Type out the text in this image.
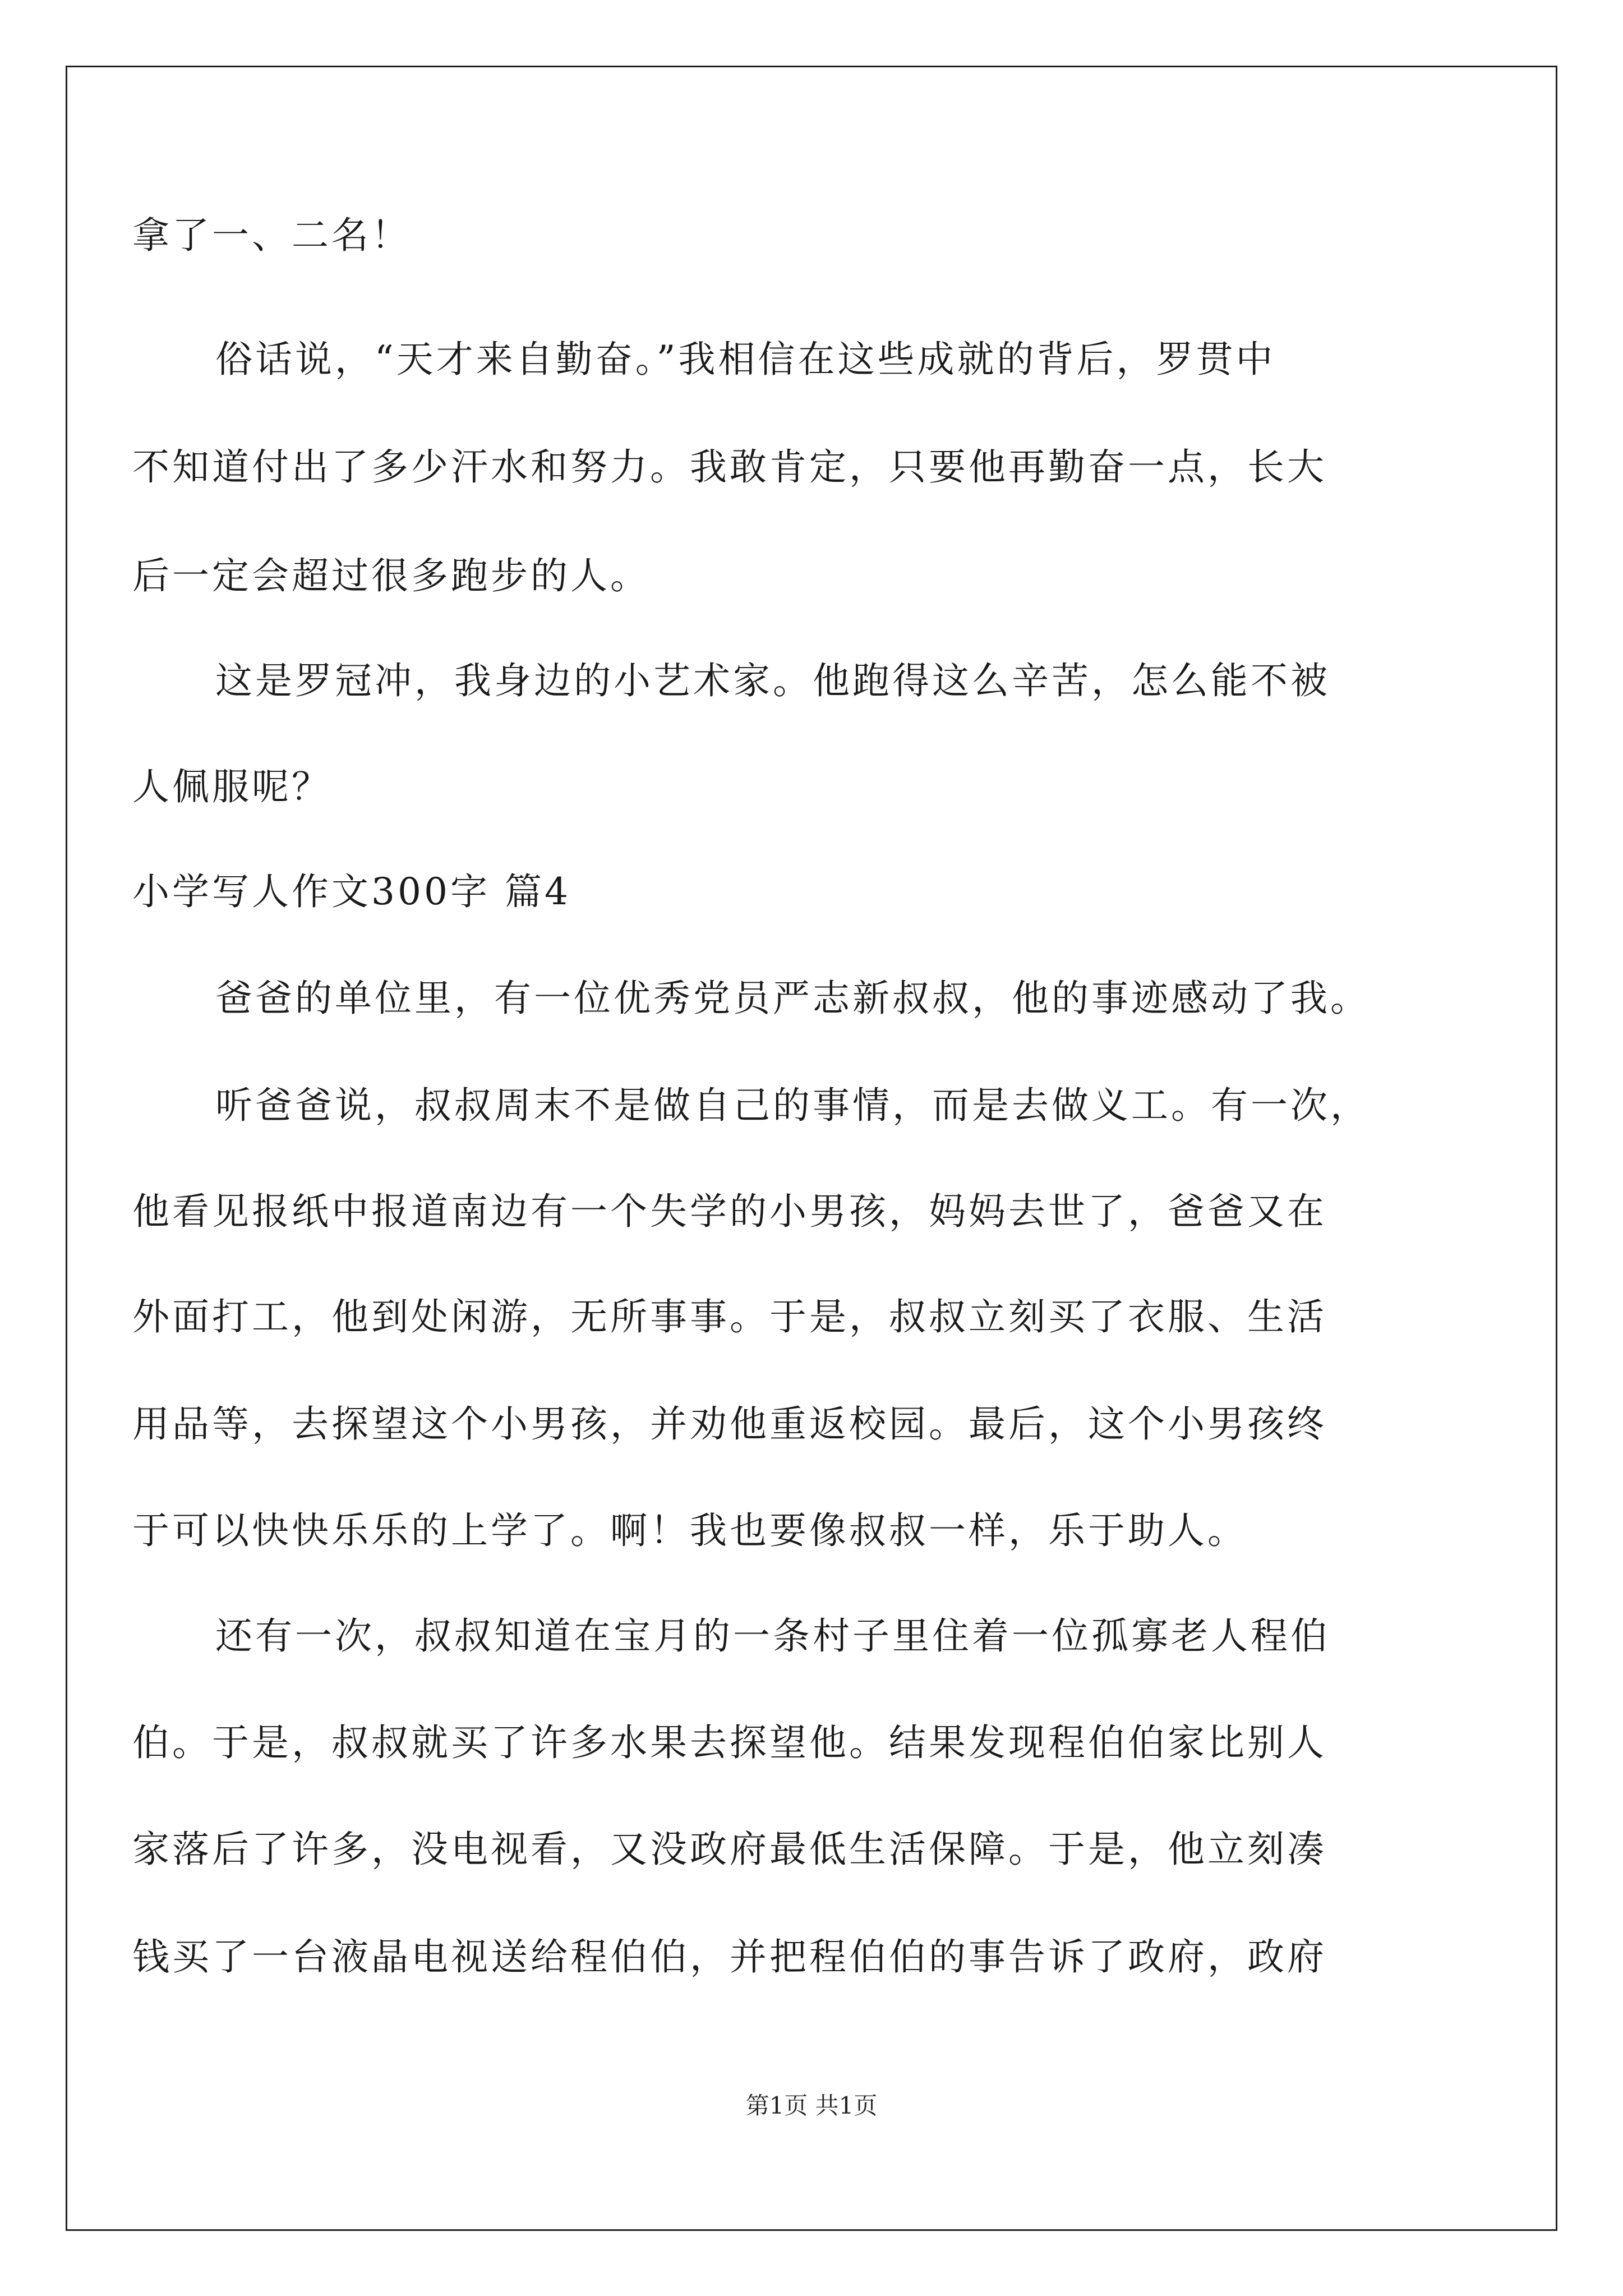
拿了一、二名！
俗话说，“天才来自勤奋。”我相信在这些成就的背后，罗贯中
不知道付出了多少汗水和努力。我敢肯定，只要他再勤奋一点，长大
后一定会超过很多跑步的人。
这是罗冠冲，我身边的小艺术家。他跑得这么辛苦，怎么能不被
人佩服呢？
小学写人作文300字 篇4
爸爸的单位里，有一位优秀党员严志新叔叔，他的事迹感动了我。
听爸爸说，叔叔周末不是做自己的事情，而是去做义工。有一次，
他看见报纸中报道南边有一个失学的小男孩，妈妈去世了，爸爸又在
外面打工，他到处闲游，无所事事。于是，叔叔立刻买了衣服、生活
用品等，去探望这个小男孩，并劝他重返校园。最后，这个小男孩终
于可以快快乐乐的上学了。啊！我也要像叔叔一样，乐于助人。
还有一次，叔叔知道在宝月的一条村子里住着一位孤寡老人程伯
伯。于是，叔叔就买了许多水果去探望他。结果发现程伯伯家比别人
家落后了许多，没电视看，又没政府最低生活保障。于是，他立刻凑
钱买了一台液晶电视送给程伯伯，并把程伯伯的事告诉了政府，政府
第1页 共1页
